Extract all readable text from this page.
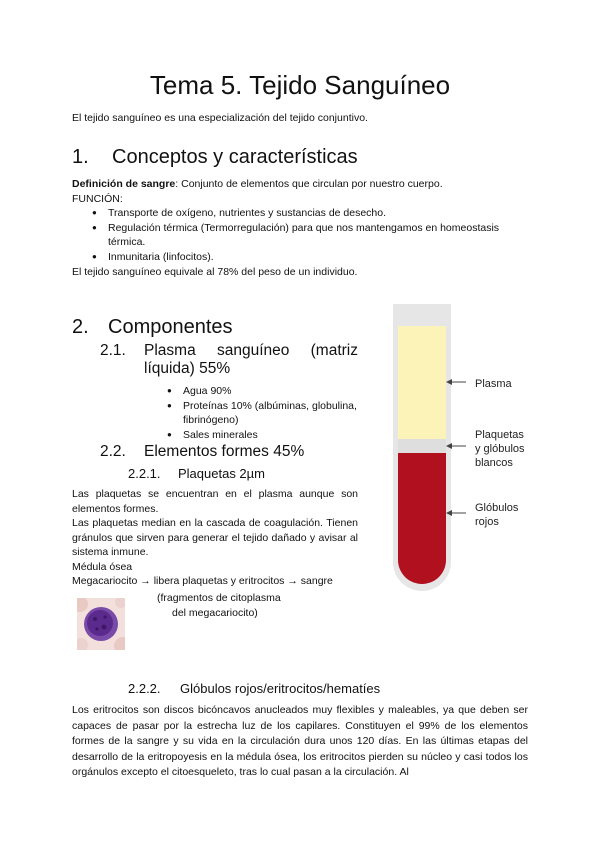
Tema 5. Tejido Sanguíneo
El tejido sanguíneo es una especialización del tejido conjuntivo.
1. Conceptos y características
Definición de sangre: Conjunto de elementos que circulan por nuestro cuerpo.
FUNCIÓN:
● Transporte de oxígeno, nutrientes y sustancias de desecho.
● Regulación térmica (Termorregulación) para que nos mantengamos en homeostasis térmica.
● Inmunitaria (linfocitos).
El tejido sanguíneo equivale al 78% del peso de un individuo.
2. Componentes
2.1.	Plasma sanguíneo (matriz
líquida) 55%
● Agua 90%
● Proteínas 10% (albúminas, globulina, fibrinógeno)
● Sales minerales
2.2. Elementos formes 45%
2.2.1. Plaquetas 2µm
Las plaquetas se encuentran en el plasma aunque son elementos formes.
Las plaquetas median en la cascada de coagulación. Tienen gránulos que sirven para generar el tejido dañado y avisar al sistema inmune.
Médula ósea
Megacariocito → libera plaquetas y eritrocitos → sangre
(fragmentos de citoplasma
del megacariocito)
2.2.2. Glóbulos rojos/eritrocitos/hematíes
Los eritrocitos son discos bicóncavos anucleados muy flexibles y maleables, ya que deben ser capaces de pasar por la estrecha luz de los capilares. Constituyen el 99% de los elementos formes de la sangre y su vida en la circulación dura unos 120 días. En las últimas etapas del desarrollo de la eritropoyesis en la médula ósea, los eritrocitos pierden su núcleo y casi todos los orgánulos excepto el citoesqueleto, tras lo cual pasan a la circulación. Al
Plasma
Plaquetas
y glóbulos
blancos
Glóbulos
rojos
